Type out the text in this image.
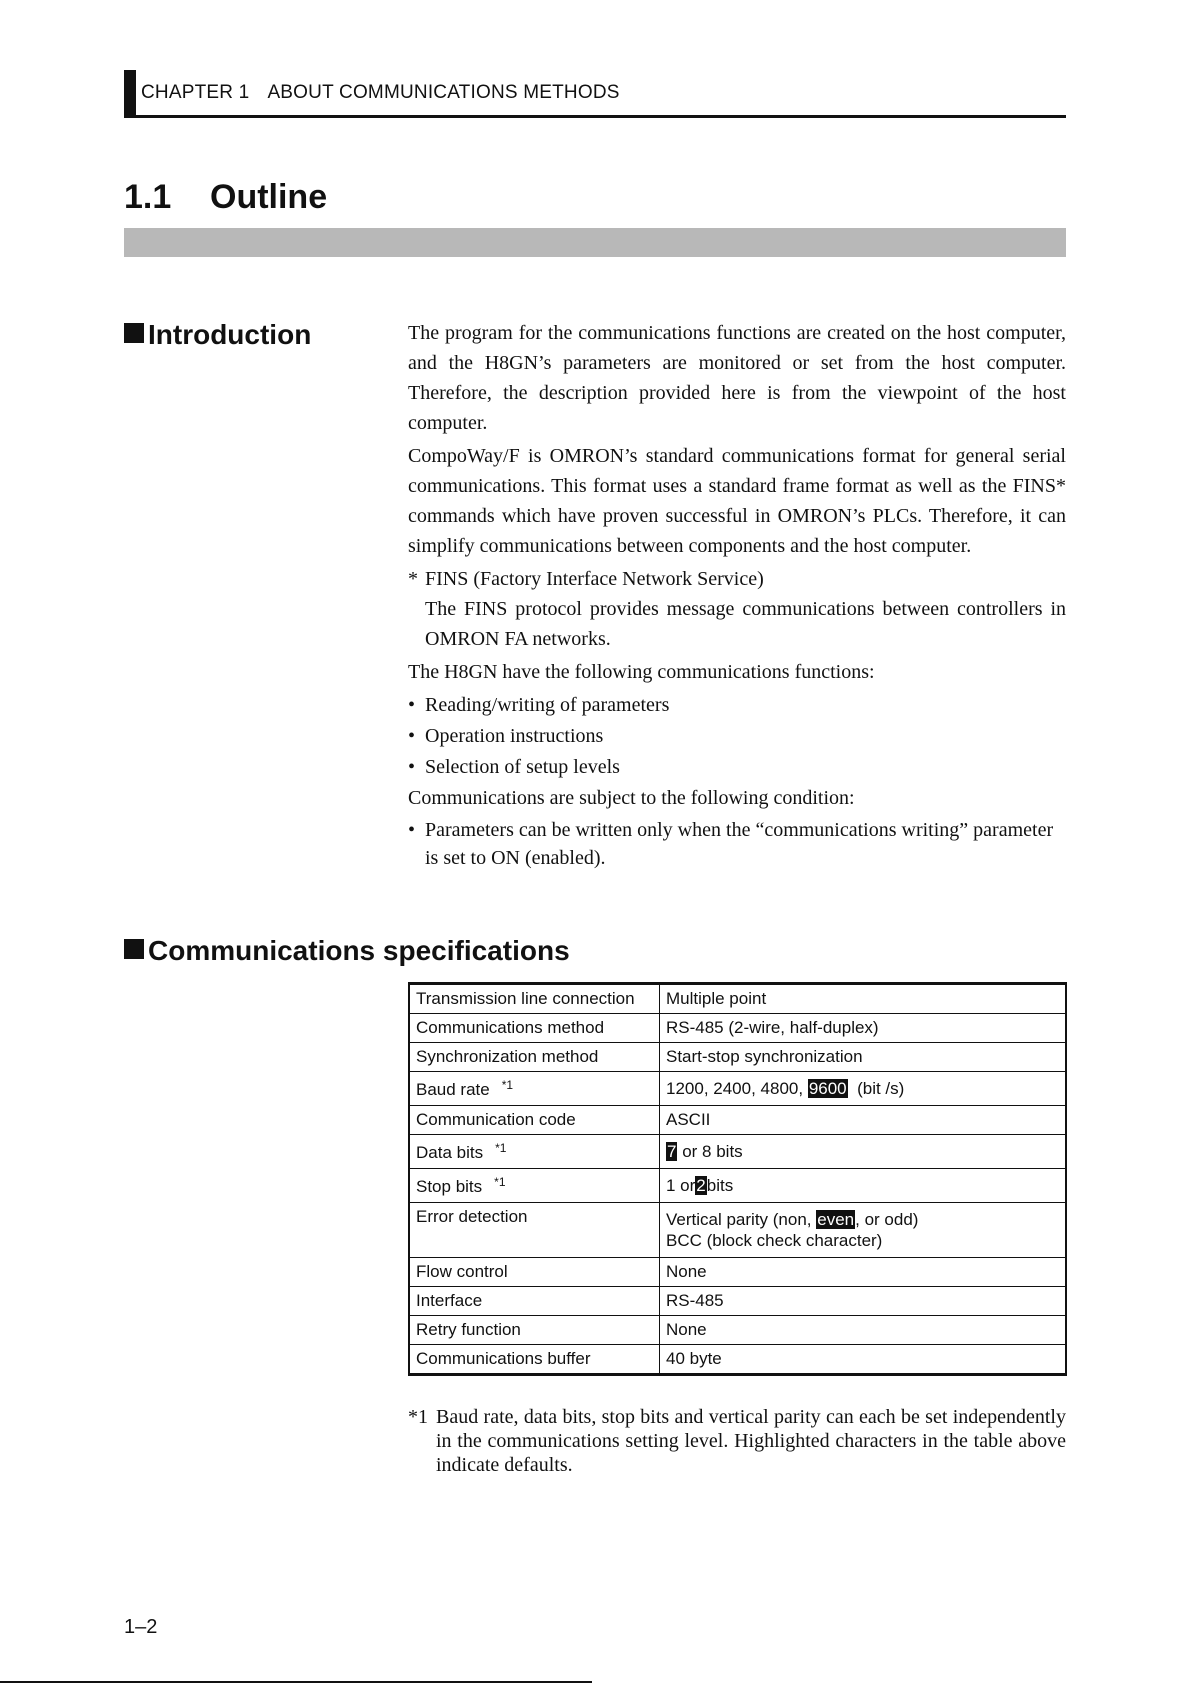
CHAPTER 1 ABOUT COMMUNICATIONS METHODS
1.1 Outline
Introduction	The program for the communications functions are created on the host computer, and the H8GN’s parameters are monitored or set from the host computer. Therefore, the description provided here is from the viewpoint of the host computer.

CompoWay/F is OMRON’s standard communications format for general serial communications. This format uses a standard frame format as well as the FINS* commands which have proven successful in OMRON’s PLCs. Therefore, it can simplify communications between components and the host computer.

* FINS (Factory Interface Network Service)
The FINS protocol provides message communications between controllers in OMRON FA networks.

The H8GN have the following communications functions:

• Reading/writing of parameters

• Operation instructions

• Selection of setup levels

Communications are subject to the following condition:

• Parameters can be written only when the “communications writing” parameter is set to ON (enabled).

Communications specifications
Transmission line connection	Multiple point
Communications method	RS-485 (2-wire, half-duplex)
Synchronization method	Start-stop synchronization
Baud rate $^{*1}$	1200, 2400, 4800, 9600 (bit /s)
Communication code	ASCII
Data bits $^{*1}$	7 or 8 bits
Stop bits $^{*1}$	1 or2bits
Error detection	Vertical parity (non, even, or odd)
BCC (block check character)
Flow control	None
Interface	RS-485
Retry function	None
Communications buffer	40 byte
*1 Baud rate, data bits, stop bits and vertical parity can each be set independently in the communications setting level. Highlighted characters in the table above indicate defaults.
1–2
